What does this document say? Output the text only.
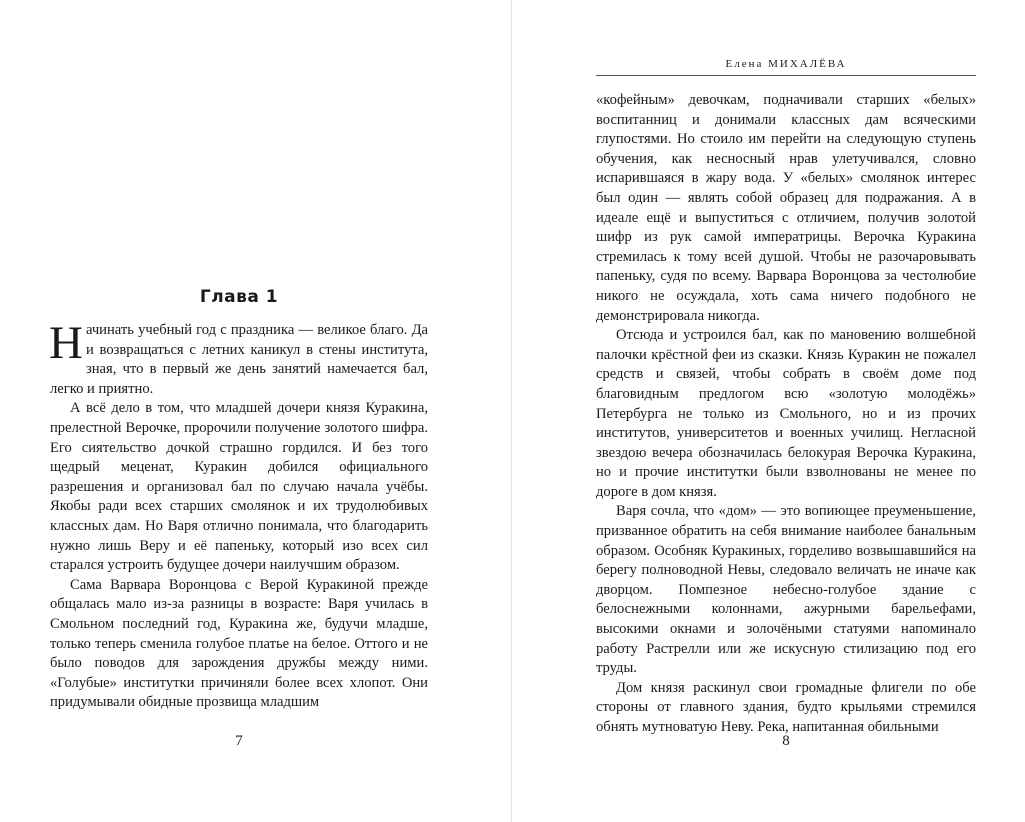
Глава 1

Начинать учебный год с праздника — великое благо. Да и возвращаться с летних каникул в стены института, зная, что в первый же день занятий намечается бал, легко и приятно.

А всё дело в том, что младшей дочери князя Куракина, прелестной Верочке, пророчили получение золотого шифра. Его сиятельство дочкой страшно гордился. И без того щедрый меценат, Куракин добился официального разрешения и организовал бал по случаю начала учёбы. Якобы ради всех старших смолянок и их трудолюбивых классных дам. Но Варя отлично понимала, что благодарить нужно лишь Веру и её папеньку, который изо всех сил старался устроить будущее дочери наилучшим образом.

Сама Варвара Воронцова с Верой Куракиной прежде общалась мало из-за разницы в возрасте: Варя училась в Смольном последний год, Куракина же, будучи младше, только теперь сменила голубое платье на белое. Оттого и не было поводов для зарождения дружбы между ними. «Голубые» институтки причиняли более всех хлопот. Они придумывали обидные прозвища младшим

7
Елена МИХАЛЁВА

«кофейным» девочкам, подначивали старших «белых» воспитанниц и донимали классных дам всяческими глупостями. Но стоило им перейти на следующую ступень обучения, как несносный нрав улетучивался, словно испарившаяся в жару вода. У «белых» смолянок интерес был один — являть собой образец для подражания. А в идеале ещё и выпуститься с отличием, получив золотой шифр из рук самой императрицы. Верочка Куракина стремилась к тому всей душой. Чтобы не разочаровывать папеньку, судя по всему. Варвара Воронцова за честолюбие никого не осуждала, хоть сама ничего подобного не демонстрировала никогда.

Отсюда и устроился бал, как по мановению волшебной палочки крёстной феи из сказки. Князь Куракин не пожалел средств и связей, чтобы собрать в своём доме под благовидным предлогом всю «золотую молодёжь» Петербурга не только из Смольного, но и из прочих институтов, университетов и военных училищ. Негласной звездою вечера обозначилась белокурая Верочка Куракина, но и прочие институтки были взволнованы не менее по дороге в дом князя.

Варя сочла, что «дом» — это вопиющее преуменьшение, призванное обратить на себя внимание наиболее банальным образом. Особняк Куракиных, горделиво возвышавшийся на берегу полноводной Невы, следовало величать не иначе как дворцом. Помпезное небесно-голубое здание с белоснежными колоннами, ажурными барельефами, высокими окнами и золочёными статуями напоминало работу Растрелли или же искусную стилизацию под его труды.

Дом князя раскинул свои громадные флигели по обе стороны от главного здания, будто крыльями стремился обнять мутноватую Неву. Река, напитанная обильными

8
